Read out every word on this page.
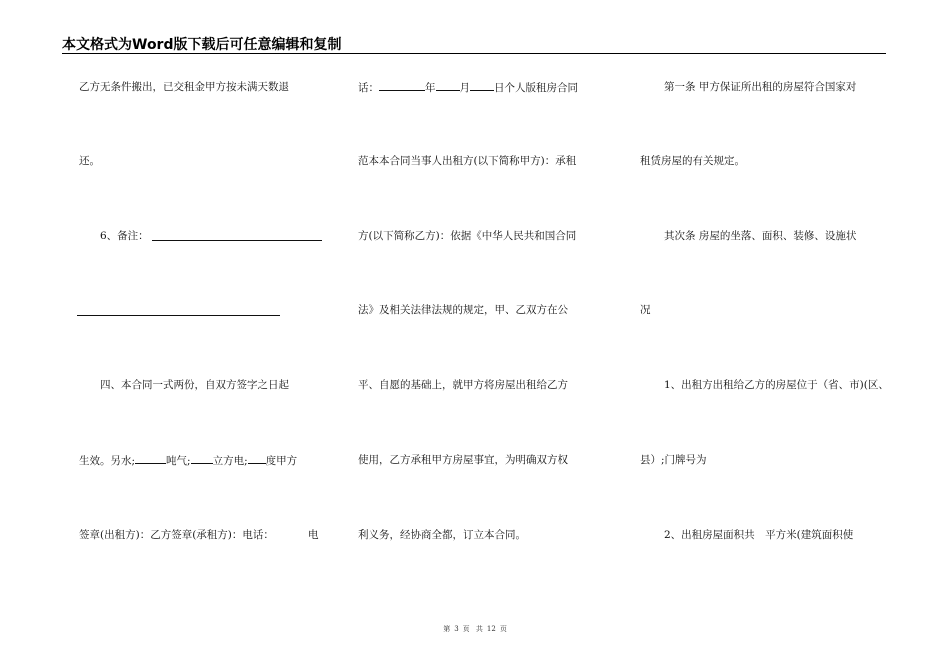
本文格式为Word版下载后可任意编辑和复制
乙方无条件搬出，已交租金甲方按未满天数退
还。
6、备注：
四、本合同一式两份，自双方签字之日起
生效。另水;	吨气; 立方电; 度甲方
签章(出租方)：乙方签章(承租方)：电话：	电
话：	年 月 日个人版租房合同
范本本合同当事人出租方(以下简称甲方)：承租
方(以下简称乙方)：依据《中华人民共和国合同
法》及相关法律法规的规定，甲、乙双方在公
平、自愿的基础上，就甲方将房屋出租给乙方
使用，乙方承租甲方房屋事宜，为明确双方权
利义务，经协商全都，订立本合同。
第一条 甲方保证所出租的房屋符合国家对
租赁房屋的有关规定。
其次条 房屋的坐落、面积、装修、设施状
况
1、出租方出租给乙方的房屋位于（省、市)(区、
县）;门牌号为
2、出租房屋面积共　平方米(建筑面积使
第 3 页 共 12 页
